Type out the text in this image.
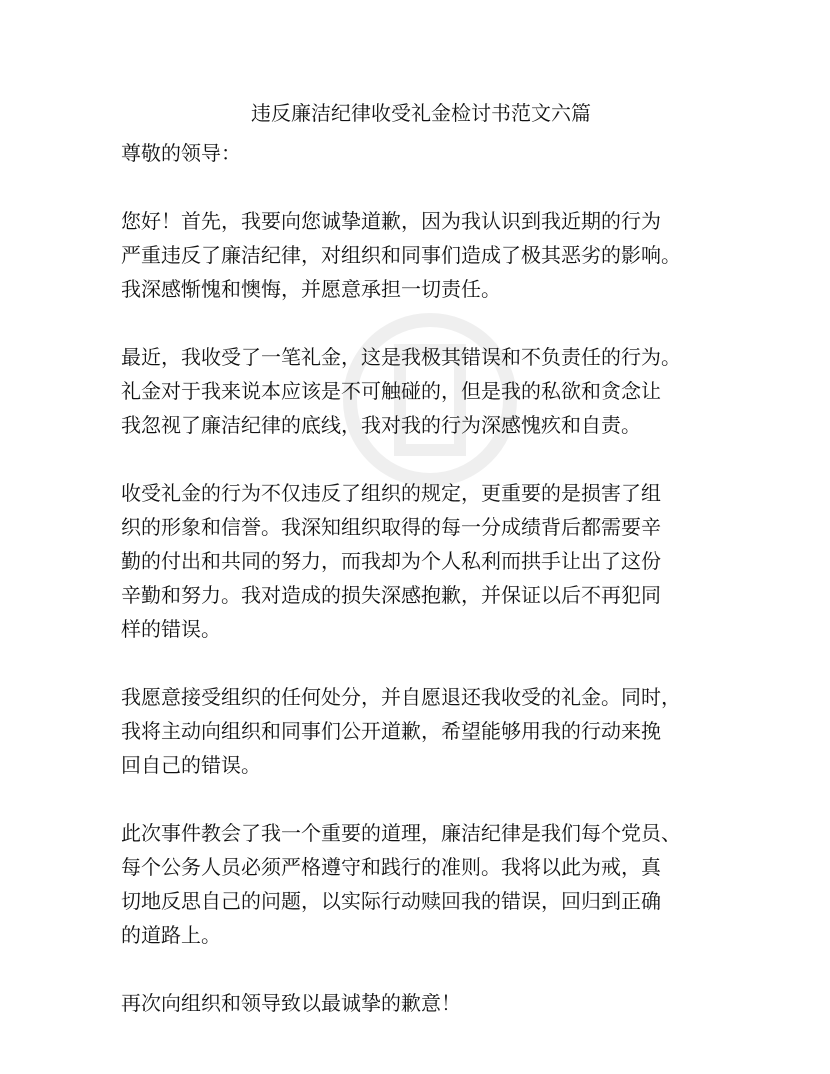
违反廉洁纪律收受礼金检讨书范文六篇

尊敬的领导：

您好！首先，我要向您诚挚道歉，因为我认识到我近期的行为
严重违反了廉洁纪律，对组织和同事们造成了极其恶劣的影响。
我深感惭愧和懊悔，并愿意承担一切责任。

最近，我收受了一笔礼金，这是我极其错误和不负责任的行为。
礼金对于我来说本应该是不可触碰的，但是我的私欲和贪念让
我忽视了廉洁纪律的底线，我对我的行为深感愧疚和自责。

收受礼金的行为不仅违反了组织的规定，更重要的是损害了组
织的形象和信誉。我深知组织取得的每一分成绩背后都需要辛
勤的付出和共同的努力，而我却为个人私利而拱手让出了这份
辛勤和努力。我对造成的损失深感抱歉，并保证以后不再犯同
样的错误。

我愿意接受组织的任何处分，并自愿退还我收受的礼金。同时，
我将主动向组织和同事们公开道歉，希望能够用我的行动来挽
回自己的错误。

此次事件教会了我一个重要的道理，廉洁纪律是我们每个党员、
每个公务人员必须严格遵守和践行的准则。我将以此为戒，真
切地反思自己的问题，以实际行动赎回我的错误，回归到正确
的道路上。

再次向组织和领导致以最诚挚的歉意！
